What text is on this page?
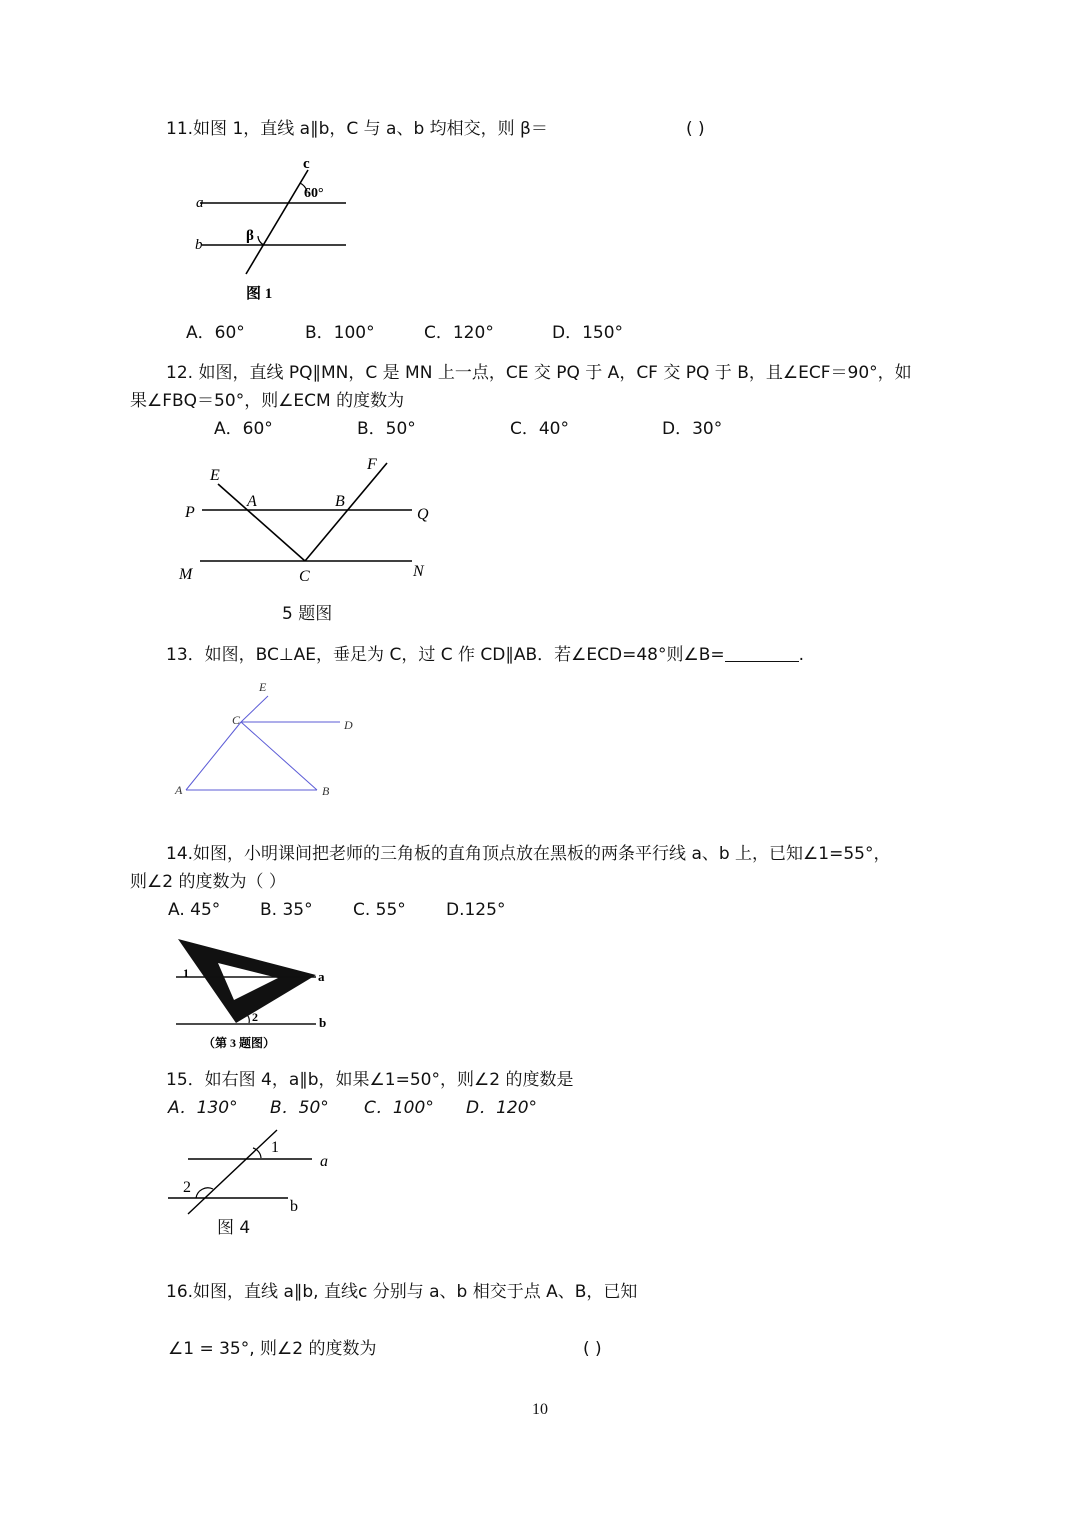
11.如图 1，直线 a∥b，C 与 a、b 均相交，则 β＝	( )
c
a
b
60°
β
图 1
A．60°	B．100°	C．120°	D．150°
12. 如图，直线 PQ∥MN，C 是 MN 上一点，CE 交 PQ 于 A，CF 交 PQ 于 B，且∠ECF＝90°，如
果∠FBQ＝50°，则∠ECM 的度数为
A．60°	B．50°	C．40°	D．30°
E
F
A	B
P	Q
M	N
C
5 题图
13．如图，BC⊥AE，垂足为 C，过 C 作 CD∥AB．若∠ECD=48°则∠B=	.
E
C	D
A	B
14.如图，小明课间把老师的三角板的直角顶点放在黑板的两条平行线 a、b 上，已知∠1=55°，
则∠2 的度数为（ ）
A. 45° B. 35° C. 55° D.125°
1
2
a
b
（第 3 题图）
15．如右图 4，a∥b，如果∠1=50°，则∠2 的度数是
A．130° B．50° C．100° D．120°
1
2
a
b
图 4
16.如图，直线 a∥b, 直线c 分别与 a、b 相交于点 A、B，已知
∠1 = 35°, 则∠2 的度数为	( )
10
